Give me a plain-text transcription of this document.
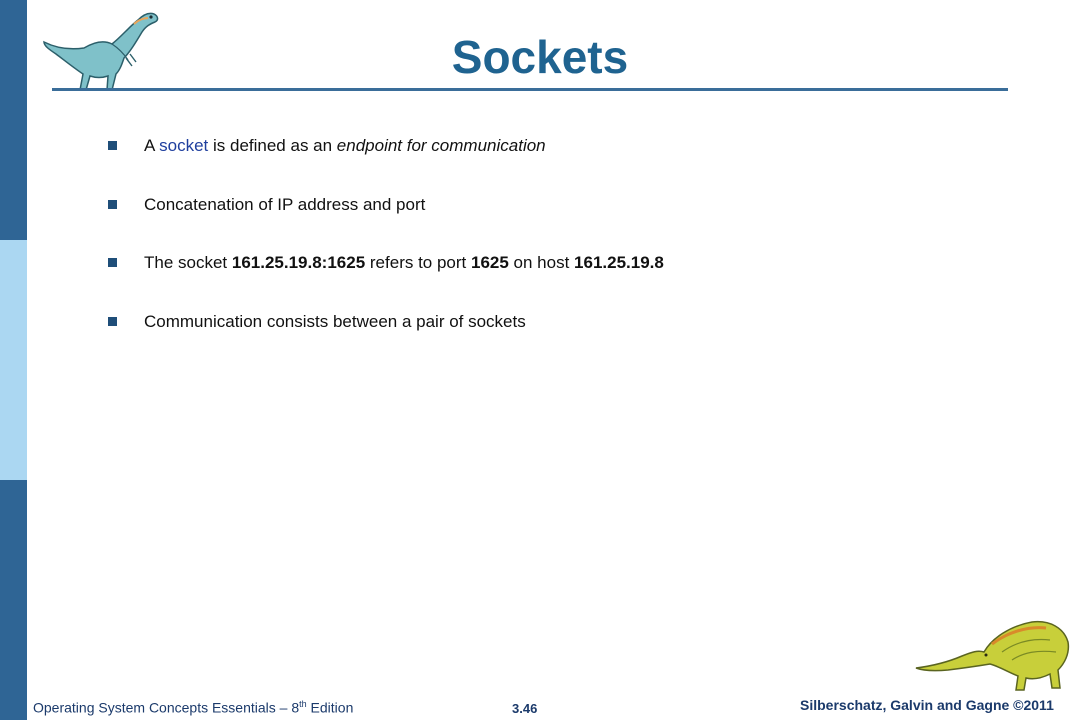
Sockets
A socket is defined as an endpoint for communication
Concatenation of IP address and port
The socket 161.25.19.8:1625 refers to port 1625 on host 161.25.19.8
Communication consists between a pair of sockets
Operating System Concepts Essentials – 8th Edition	3.46	Silberschatz, Galvin and Gagne ©2011
